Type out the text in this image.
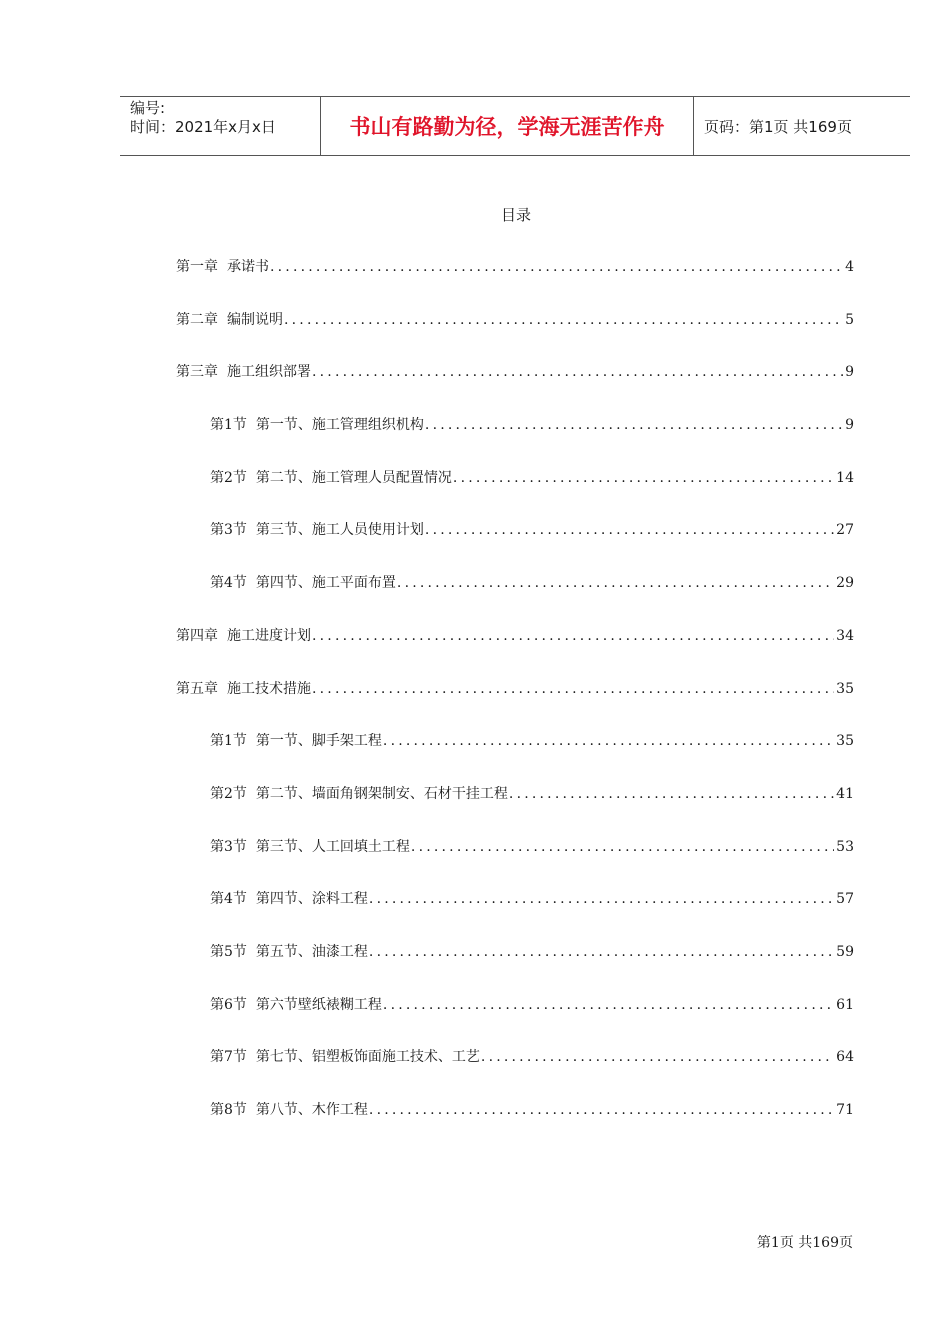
编号:
时间：2021年x月x日	书山有路勤为径，学海无涯苦作舟	页码：第1页 共169页
目录
第一章 承诺书 .....	4
第二章 编制说明 .....	5
第三章 施工组织部署 .....	9
第1节 第一节、施工管理组织机构 .....	9
第2节 第二节、施工管理人员配置情况 .....	14
第3节 第三节、施工人员使用计划 .....	27
第4节 第四节、施工平面布置 .....	29
第四章 施工进度计划 .....	34
第五章 施工技术措施 .....	35
第1节 第一节、脚手架工程 .....	35
第2节 第二节、墙面角钢架制安、石材干挂工程 .....	41
第3节 第三节、人工回填土工程 .....	53
第4节 第四节、涂料工程 .....	57
第5节 第五节、油漆工程 .....	59
第6节 第六节壁纸裱糊工程 .....	61
第7节 第七节、铝塑板饰面施工技术、工艺 .....	64
第8节 第八节、木作工程 .....	71
第1页 共169页
